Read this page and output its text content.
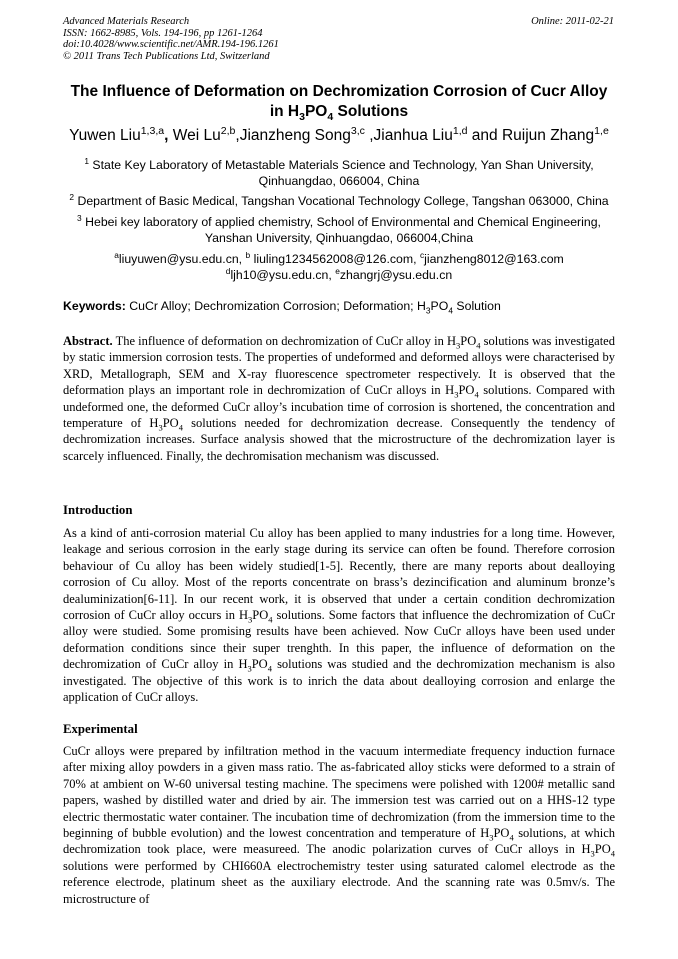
Advanced Materials Research	Online: 2011-02-21
ISSN: 1662-8985, Vols. 194-196, pp 1261-1264
doi:10.4028/www.scientific.net/AMR.194-196.1261
© 2011 Trans Tech Publications Ltd, Switzerland
The Influence of Deformation on Dechromization Corrosion of Cucr Alloy
in $H_3PO_4$ Solutions
Yuwen Liu$^{1,3,a}$, Wei Lu$^{2,b}$,Jianzheng Song$^{3,c}$ ,Jianhua Liu$^{1,d}$ and Ruijun Zhang$^{1,e}$
$^1$ State Key Laboratory of Metastable Materials Science and Technology, Yan Shan University,
Qinhuangdao, 066004, China
$^2$ Department of Basic Medical, Tangshan Vocational Technology College, Tangshan 063000, China
$^3$ Hebei key laboratory of applied chemistry, School of Environmental and Chemical Engineering,
Yanshan University, Qinhuangdao, 066004,China
$^a$liuyuwen@ysu.edu.cn, $^b$ liuling1234562008@126.com, $^c$jianzheng8012@163.com
$^d$ljh10@ysu.edu.cn, $^e$zhangrj@ysu.edu.cn
Keywords: CuCr Alloy; Dechromization Corrosion; Deformation; $H_3PO_4$ Solution
Abstract. The influence of deformation on dechromization of CuCr alloy in $H_3PO_4$ solutions was investigated by static immersion corrosion tests. The properties of undeformed and deformed alloys were characterised by XRD, Metallograph, SEM and X-ray fluorescence spectrometer respectively. It is observed that the deformation plays an important role in dechromization of CuCr alloys in $H_3PO_4$ solutions. Compared with undeformed one, the deformed CuCr alloy’s incubation time of corrosion is shortened, the concentration and temperature of $H_3PO_4$ solutions needed for dechromization decrease. Consequently the tendency of dechromization increases. Surface analysis showed that the microstructure of the dechromization layer is scarcely influenced. Finally, the dechromisation mechanism was discussed.
Introduction
As a kind of anti-corrosion material Cu alloy has been applied to many industries for a long time. However, leakage and serious corrosion in the early stage during its service can often be found. Therefore corrosion behaviour of Cu alloy has been widely studied[1-5]. Recently, there are many reports about dealloying corrosion of Cu alloy. Most of the reports concentrate on brass’s dezincification and aluminum bronze’s dealuminization[6-11]. In our recent work, it is observed that under a certain condition dechromization corrosion of CuCr alloy occurs in $H_3PO_4$ solutions. Some factors that influence the dechromization of CuCr alloy were studied. Some promising results have been achieved. Now CuCr alloys have been used under deformation conditions since their super trenghth. In this paper, the influence of deformation on the dechromization of CuCr alloy in $H_3PO_4$ solutions was studied and the dechromization mechanism is also investigated. The objective of this work is to inrich the data about dealloying corrosion and enlarge the application of CuCr alloys.
Experimental
CuCr alloys were prepared by infiltration method in the vacuum intermediate frequency induction furnace after mixing alloy powders in a given mass ratio. The as-fabricated alloy sticks were deformed to a strain of 70% at ambient on W-60 universal testing machine. The specimens were polished with 1200# metallic sand papers, washed by distilled water and dried by air. The immersion test was carried out on a HHS-12 type electric thermostatic water container. The incubation time of dechromization (from the immersion time to the beginning of bubble evolution) and the lowest concentration and temperature of $H_3PO_4$ solutions, at which dechromization took place, were measureed. The anodic polarization curves of CuCr alloys in $H_3PO_4$ solutions were performed by CHI660A electrochemistry tester using saturated calomel electrode as the reference electrode, platinum sheet as the auxiliary electrode. And the scanning rate was 0.5mv/s. The microstructure of
